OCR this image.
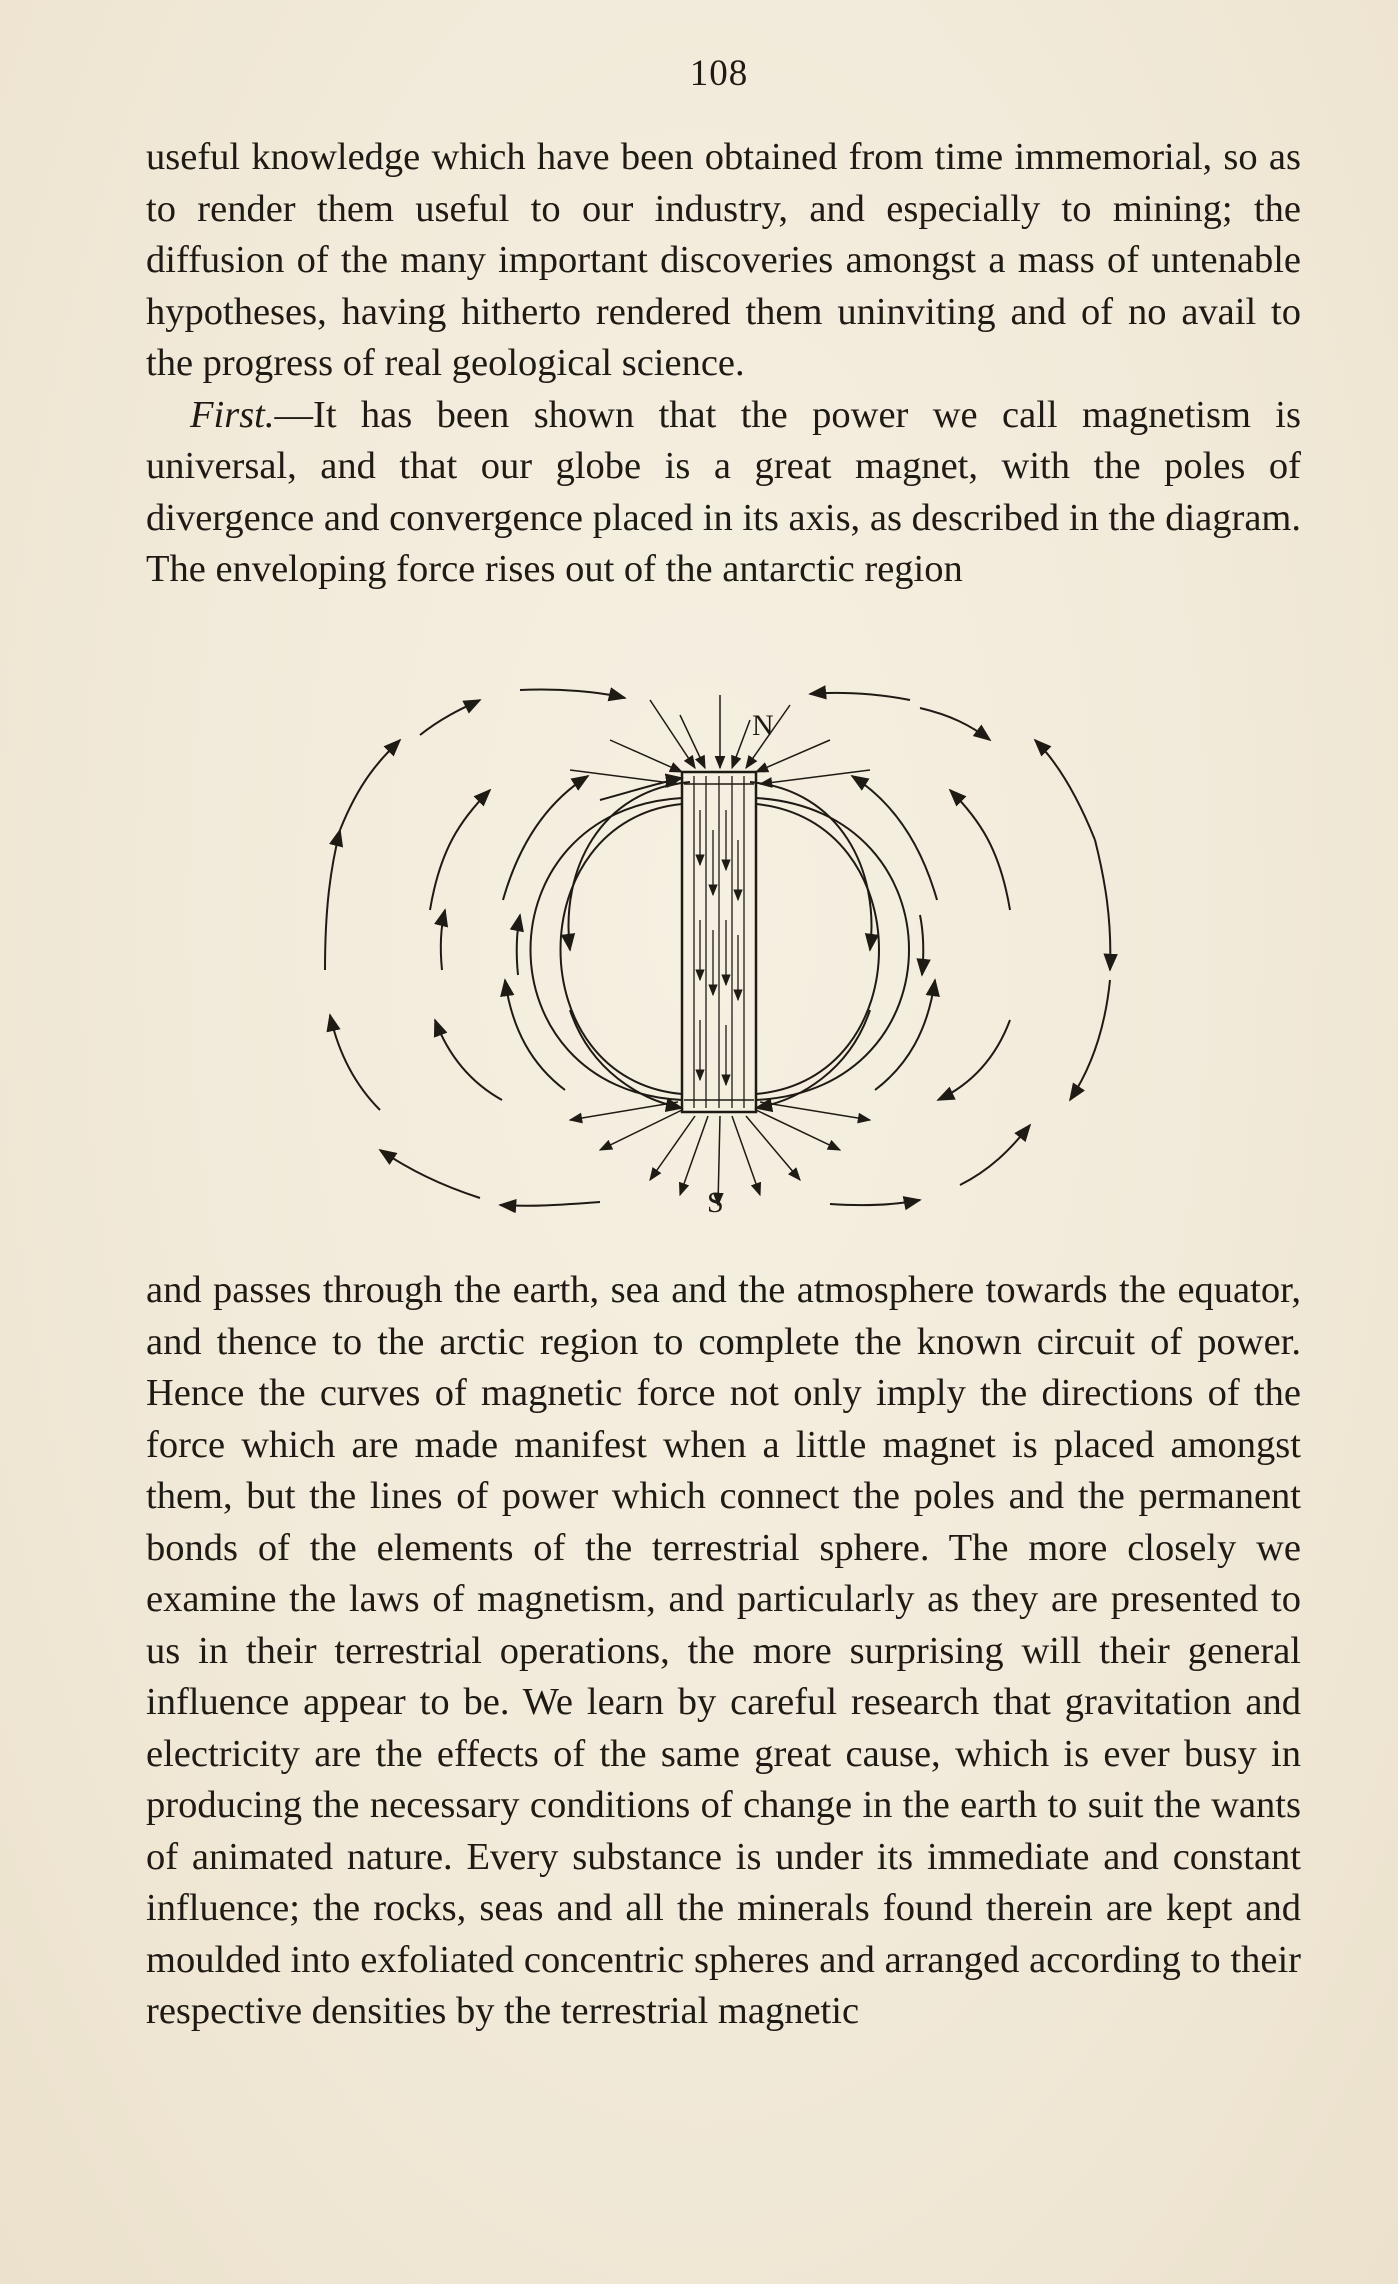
108

useful knowledge which have been obtained from time immemorial, so as to render them useful to our industry, and especially to mining; the diffusion of the many important discoveries amongst a mass of untenable hypotheses, having hitherto rendered them uninviting and of no avail to the progress of real geological science.

First.—It has been shown that the power we call magnetism is universal, and that our globe is a great magnet, with the poles of divergence and convergence placed in its axis, as described in the diagram. The enveloping force rises out of the antarctic region

N
S

and passes through the earth, sea and the atmosphere towards the equator, and thence to the arctic region to complete the known circuit of power. Hence the curves of magnetic force not only imply the directions of the force which are made manifest when a little magnet is placed amongst them, but the lines of power which connect the poles and the permanent bonds of the elements of the terrestrial sphere. The more closely we examine the laws of magnetism, and particularly as they are presented to us in their terrestrial operations, the more surprising will their general influence appear to be. We learn by careful research that gravitation and electricity are the effects of the same great cause, which is ever busy in producing the necessary conditions of change in the earth to suit the wants of animated nature. Every substance is under its immediate and constant influence; the rocks, seas and all the minerals found therein are kept and moulded into exfoliated concentric spheres and arranged according to their respective densities by the terrestrial magnetic
